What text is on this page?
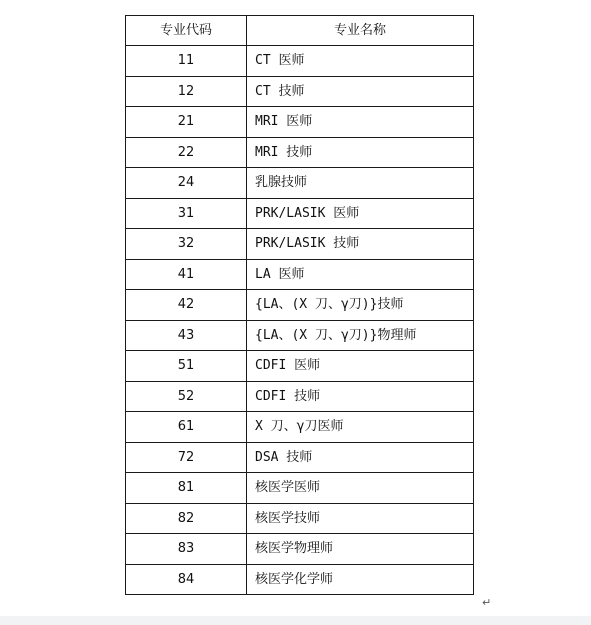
专业代码	专业名称
11	CT 医师
12	CT 技师
21	MRI 医师
22	MRI 技师
24	乳腺技师
31	PRK/LASIK 医师
32	PRK/LASIK 技师
41	LA 医师
42	{LA、(X 刀、γ刀)}技师
43	{LA、(X 刀、γ刀)}物理师
51	CDFI 医师
52	CDFI 技师
61	X 刀、γ刀医师
72	DSA 技师
81	核医学医师
82	核医学技师
83	核医学物理师
84	核医学化学师
↵
